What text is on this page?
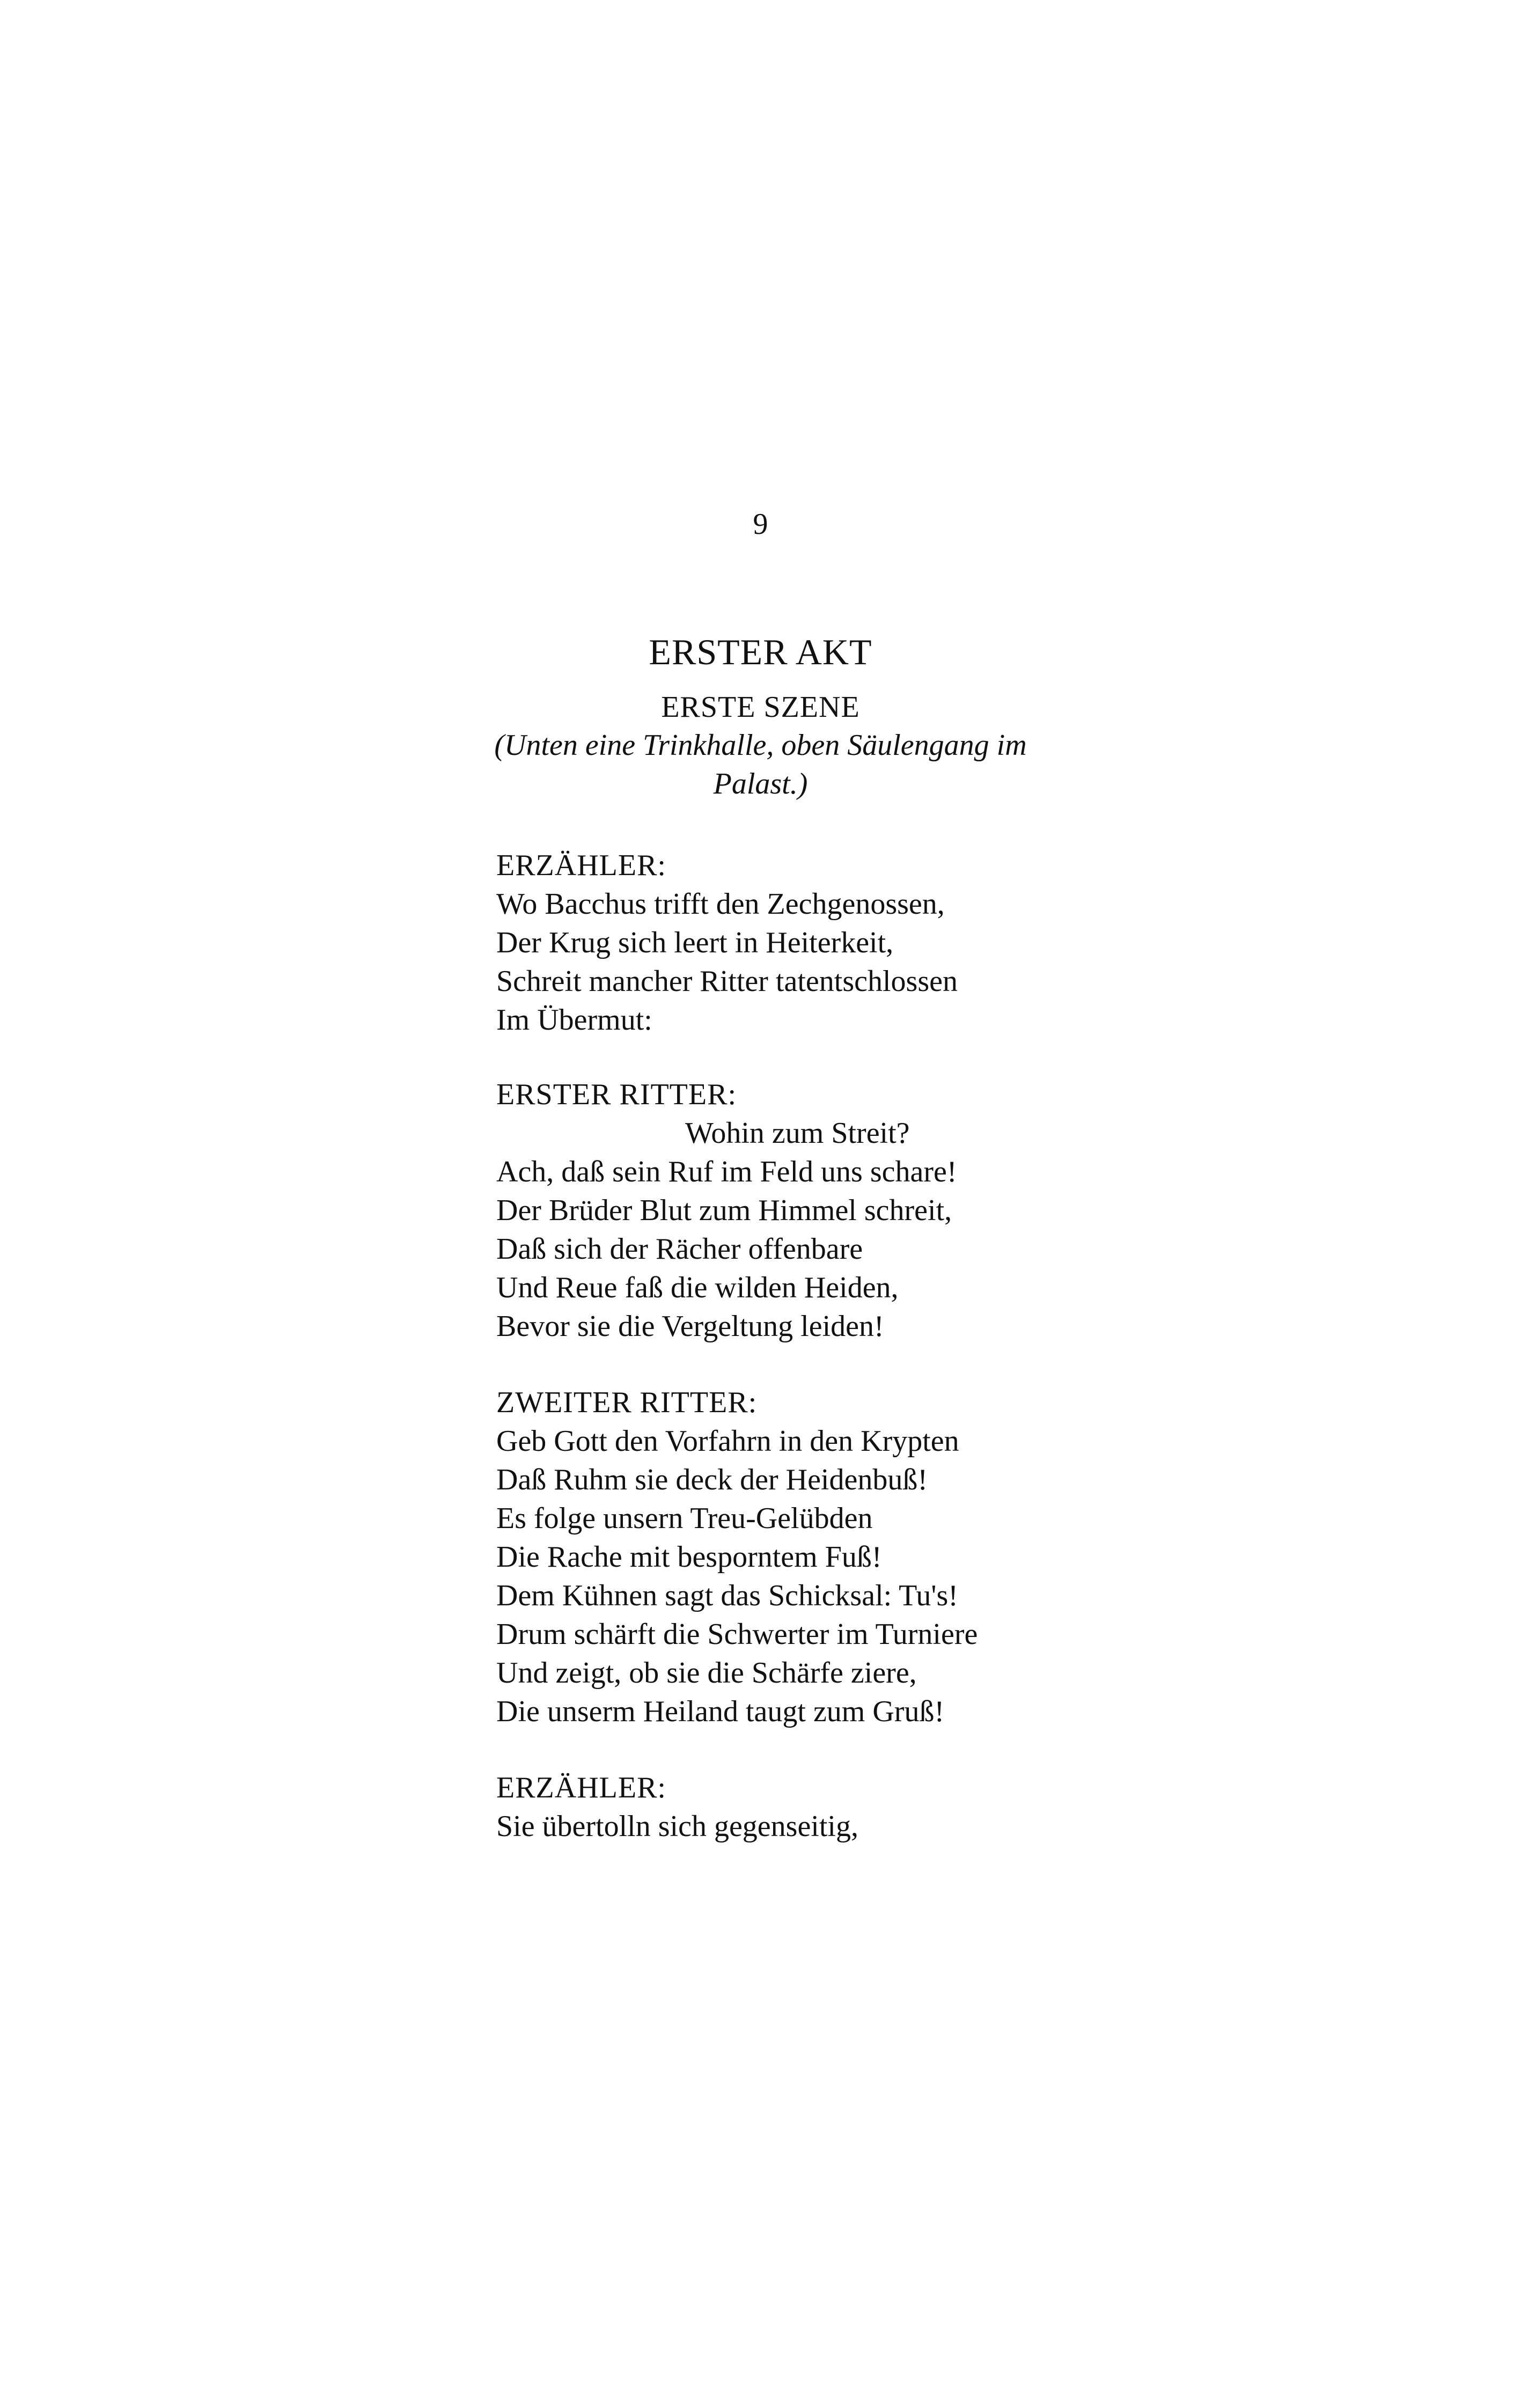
9
ERSTER AKT
ERSTE SZENE
(Unten eine Trinkhalle, oben Säulengang im
Palast.)
ERZÄHLER:
Wo Bacchus trifft den Zechgenossen,
Der Krug sich leert in Heiterkeit,
Schreit mancher Ritter tatentschlossen
Im Übermut:
ERSTER RITTER:
Wohin zum Streit?
Ach, daß sein Ruf im Feld uns schare!
Der Brüder Blut zum Himmel schreit,
Daß sich der Rächer offenbare
Und Reue faß die wilden Heiden,
Bevor sie die Vergeltung leiden!
ZWEITER RITTER:
Geb Gott den Vorfahrn in den Krypten
Daß Ruhm sie deck der Heidenbuß!
Es folge unsern Treu-Gelübden
Die Rache mit besporntem Fuß!
Dem Kühnen sagt das Schicksal: Tu's!
Drum schärft die Schwerter im Turniere
Und zeigt, ob sie die Schärfe ziere,
Die unserm Heiland taugt zum Gruß!
ERZÄHLER:
Sie übertolln sich gegenseitig,
